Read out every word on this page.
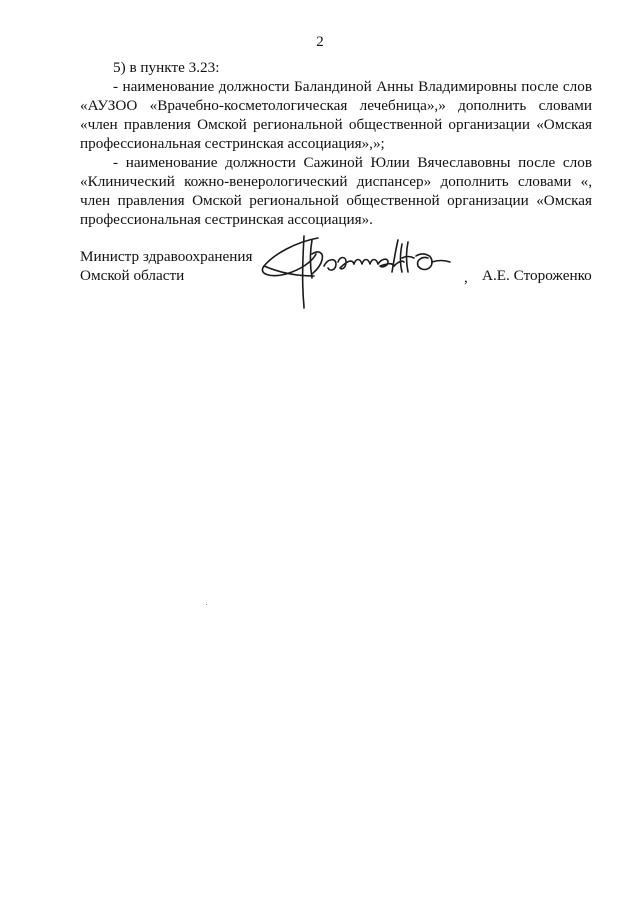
2

5) в пункте 3.23:

- наименование должности Баландиной Анны Владимировны после слов «АУЗОО «Врачебно-косметологическая лечебница»,» дополнить словами «член правления Омской региональной общественной организации «Омская профессиональная сестринская ассоциация»,»;

- наименование должности Сажиной Юлии Вячеславовны после слов «Клинический кожно-венерологический диспансер» дополнить словами «, член правления Омской региональной общественной организации «Омская профессиональная сестринская ассоциация».

Министр здравоохранения
Омской области	, А.Е. Стороженко
